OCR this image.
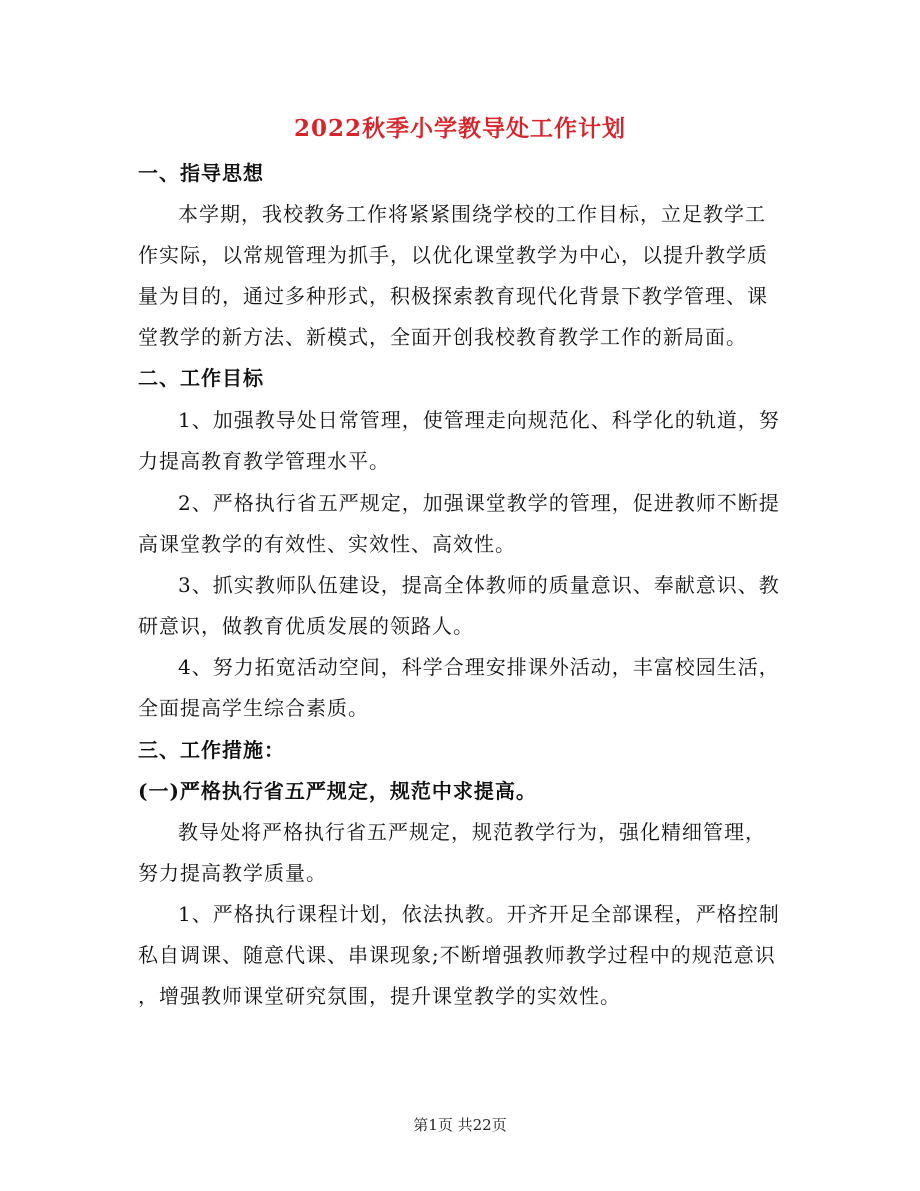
2022秋季小学教导处工作计划
一、指导思想
本学期，我校教务工作将紧紧围绕学校的工作目标，立足教学工
作实际，以常规管理为抓手，以优化课堂教学为中心，以提升教学质
量为目的，通过多种形式，积极探索教育现代化背景下教学管理、课
堂教学的新方法、新模式，全面开创我校教育教学工作的新局面。
二、工作目标
1、加强教导处日常管理，使管理走向规范化、科学化的轨道，努
力提高教育教学管理水平。
2、严格执行省五严规定，加强课堂教学的管理，促进教师不断提
高课堂教学的有效性、实效性、高效性。
3、抓实教师队伍建设，提高全体教师的质量意识、奉献意识、教
研意识，做教育优质发展的领路人。
4、努力拓宽活动空间，科学合理安排课外活动，丰富校园生活，
全面提高学生综合素质。
三、工作措施：
(一)严格执行省五严规定，规范中求提高。
教导处将严格执行省五严规定，规范教学行为，强化精细管理，
努力提高教学质量。
1、严格执行课程计划，依法执教。开齐开足全部课程，严格控制
私自调课、随意代课、串课现象;不断增强教师教学过程中的规范意识
，增强教师课堂研究氛围，提升课堂教学的实效性。
第1页 共22页
